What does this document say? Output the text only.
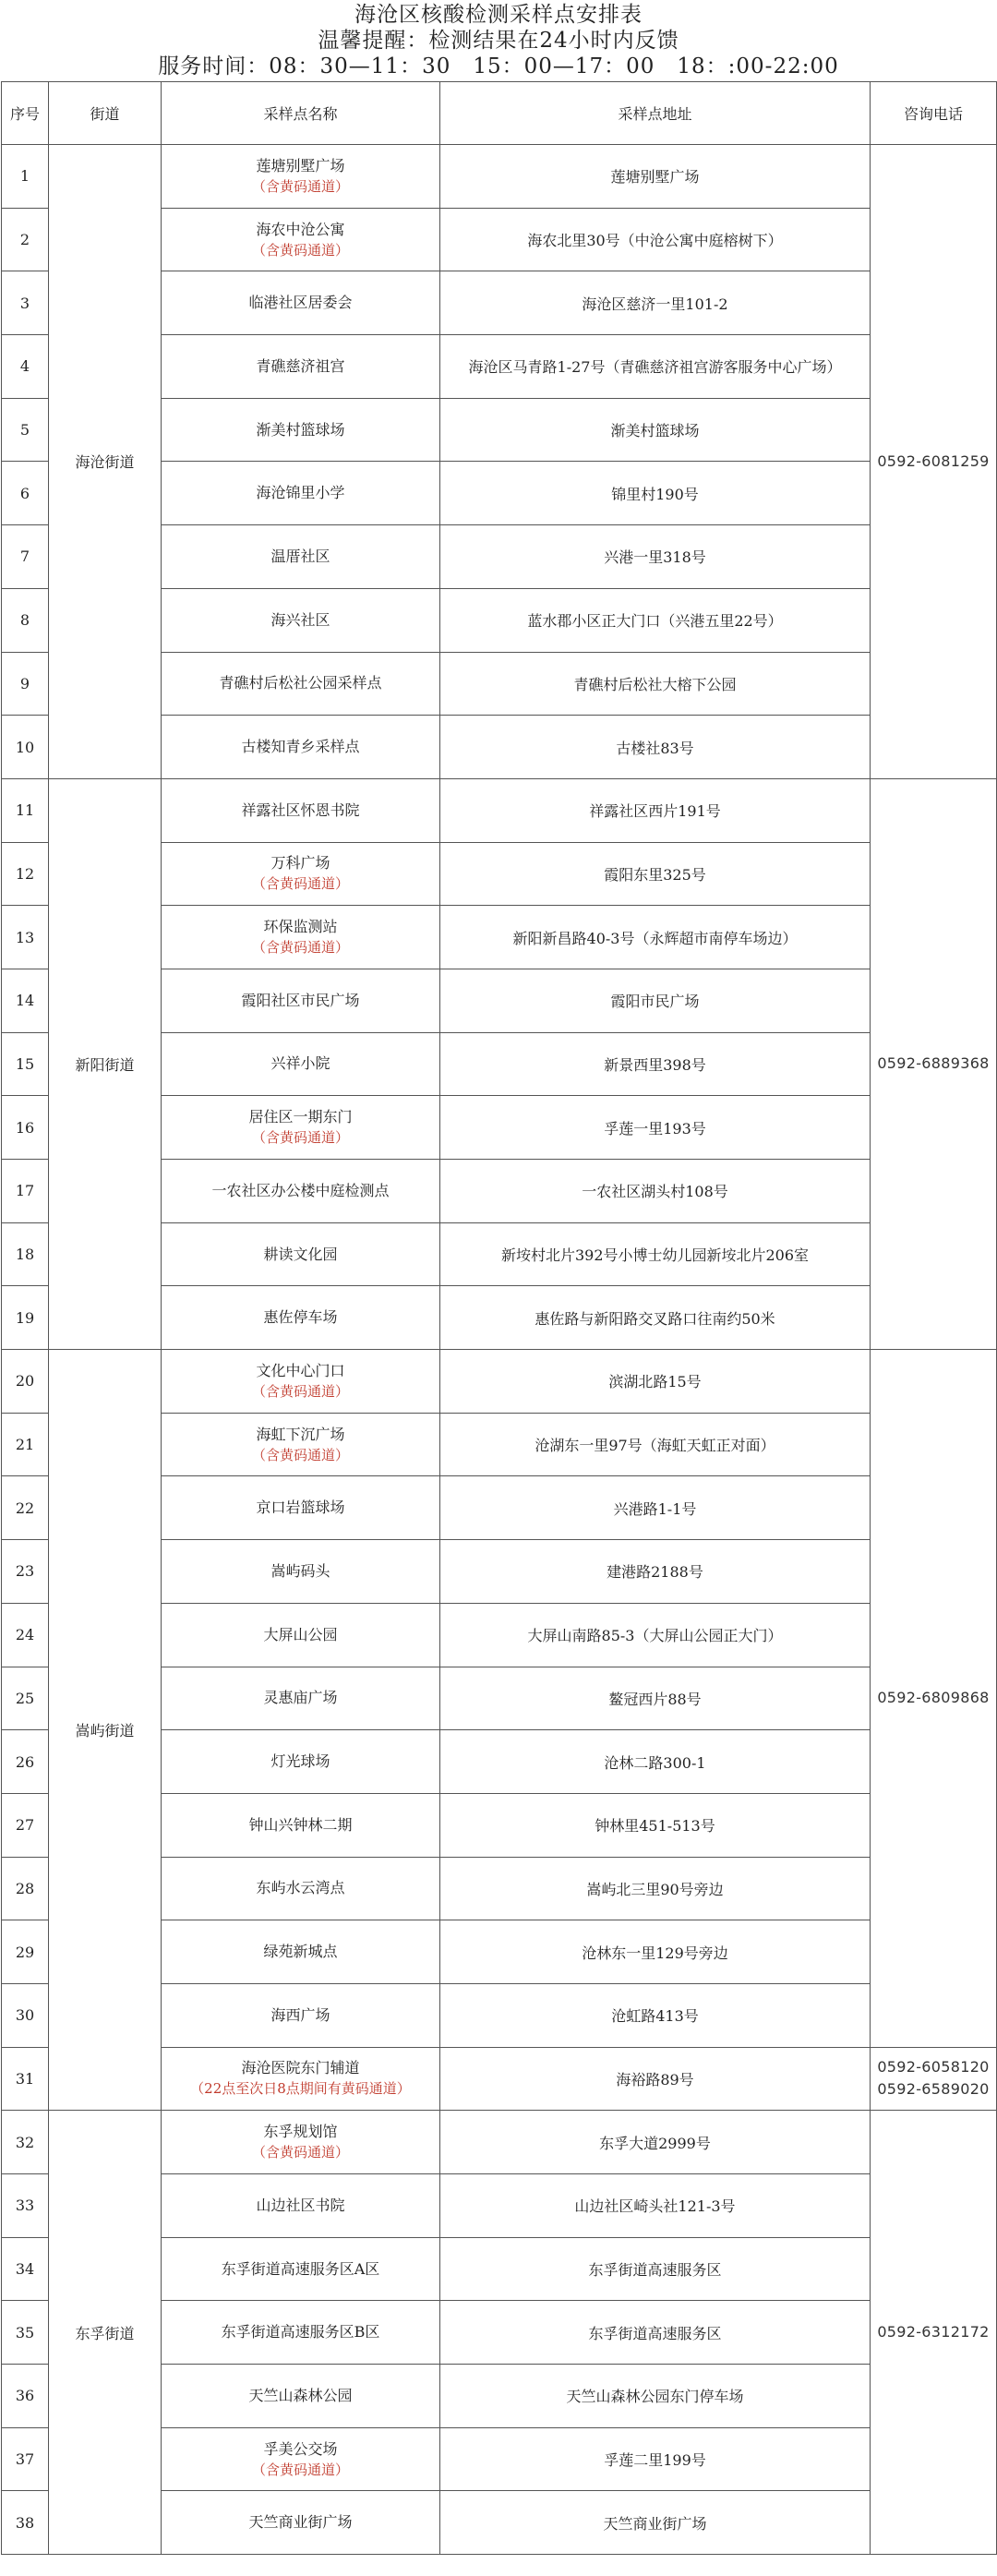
海沧区核酸检测采样点安排表
温馨提醒：检测结果在24小时内反馈
服务时间：08：30—11：30　15：00—17：00　18：:00-22:00
序号	街道	采样点名称	采样点地址	咨询电话
1	海沧街道	莲塘别墅广场
（含黄码通道）	莲塘别墅广场	0592-6081259

2		海农中沧公寓
（含黄码通道）	海农北里30号（中沧公寓中庭榕树下）	
3		临港社区居委会	海沧区慈济一里101-2	
4		青礁慈济祖宫	海沧区马青路1-27号（青礁慈济祖宫游客服务中心广场）	
5		渐美村篮球场	渐美村篮球场	
6		海沧锦里小学	锦里村190号	
7		温厝社区	兴港一里318号	
8		海兴社区	蓝水郡小区正大门口（兴港五里22号）	
9		青礁村后松社公园采样点	青礁村后松社大榕下公园	
10		古楼知青乡采样点	古楼社83号	
11	新阳街道	祥露社区怀恩书院	祥露社区西片191号	0592-6889368

12		万科广场
（含黄码通道）	霞阳东里325号	
13		环保监测站
（含黄码通道）	新阳新昌路40-3号（永辉超市南停车场边）	
14		霞阳社区市民广场	霞阳市民广场	
15		兴祥小院	新景西里398号	
16		居住区一期东门
（含黄码通道）	孚莲一里193号	
17		一农社区办公楼中庭检测点	一农社区湖头村108号	
18		耕读文化园	新垵村北片392号小博士幼儿园新垵北片206室	
19		惠佐停车场	惠佐路与新阳路交叉路口往南约50米	
20	嵩屿街道	文化中心门口
（含黄码通道）	滨湖北路15号	0592-6809868

21		海虹下沉广场
（含黄码通道）	沧湖东一里97号（海虹天虹正对面）	
22		京口岩篮球场	兴港路1-1号	
23		嵩屿码头	建港路2188号	
24		大屏山公园	大屏山南路85-3（大屏山公园正大门）	
25		灵惠庙广场	鳌冠西片88号	
26		灯光球场	沧林二路300-1	
27		钟山兴钟林二期	钟林里451-513号	
28		东屿水云湾点	嵩屿北三里90号旁边	
29		绿苑新城点	沧林东一里129号旁边	
30		海西广场	沧虹路413号	
31		海沧医院东门辅道
（22点至次日8点期间有黄码通道）	海裕路89号	0592-6058120
0592-6589020

32	东孚街道	东孚规划馆
（含黄码通道）	东孚大道2999号	0592-6312172

33		山边社区书院	山边社区崎头社121-3号	
34		东孚街道高速服务区A区	东孚街道高速服务区	
35		东孚街道高速服务区B区	东孚街道高速服务区	
36		天竺山森林公园	天竺山森林公园东门停车场	
37		孚美公交场
（含黄码通道）	孚莲二里199号	
38		天竺商业街广场	天竺商业街广场	
